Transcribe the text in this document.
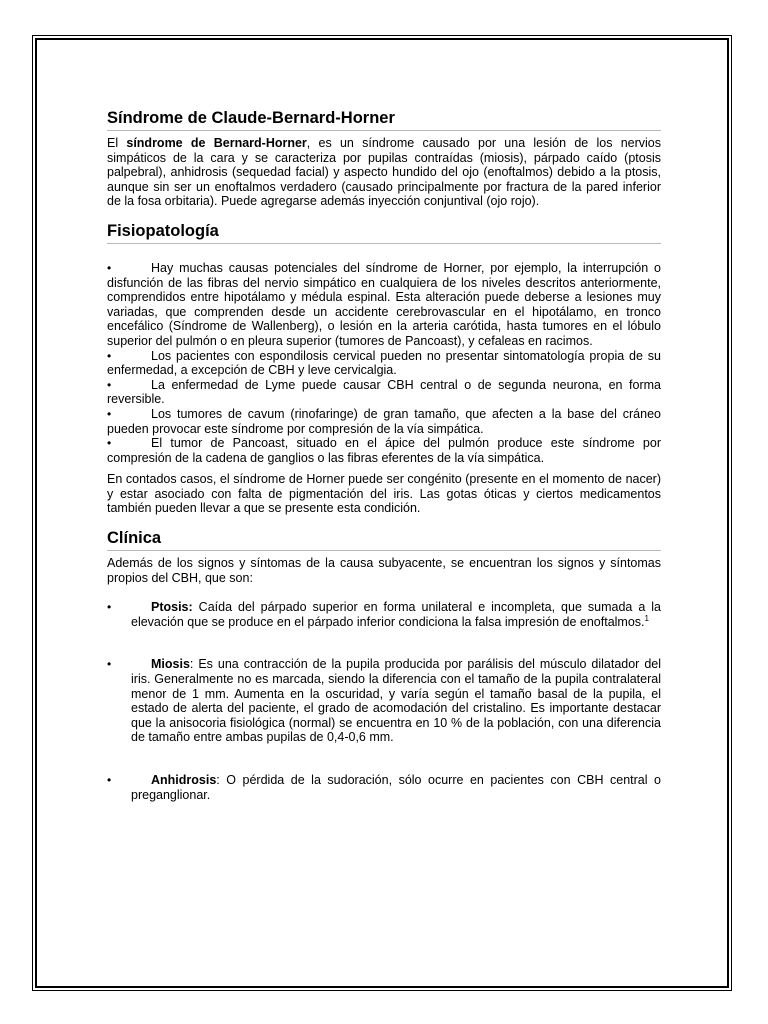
Síndrome de Claude-Bernard-Horner

El síndrome de Bernard-Horner, es un síndrome causado por una lesión de los nervios simpáticos de la cara y se caracteriza por pupilas contraídas (miosis), párpado caído (ptosis palpebral), anhidrosis (sequedad facial) y aspecto hundido del ojo (enoftalmos) debido a la ptosis, aunque sin ser un enoftalmos verdadero (causado principalmente por fractura de la pared inferior de la fosa orbitaria). Puede agregarse además inyección conjuntival (ojo rojo).

Fisiopatología
•	Hay muchas causas potenciales del síndrome de Horner, por ejemplo, la interrupción o disfunción de las fibras del nervio simpático en cualquiera de los niveles descritos anteriormente, comprendidos entre hipotálamo y médula espinal. Esta alteración puede deberse a lesiones muy variadas, que comprenden desde un accidente cerebrovascular en el hipotálamo, en tronco encefálico (Síndrome de Wallenberg), o lesión en la arteria carótida, hasta tumores en el lóbulo superior del pulmón o en pleura superior (tumores de Pancoast), y cefaleas en racimos.
•	Los pacientes con espondilosis cervical pueden no presentar sintomatología propia de su enfermedad, a excepción de CBH y leve cervicalgia.
•	La enfermedad de Lyme puede causar CBH central o de segunda neurona, en forma reversible.
•	Los tumores de cavum (rinofaringe) de gran tamaño, que afecten a la base del cráneo pueden provocar este síndrome por compresión de la vía simpática.
•	El tumor de Pancoast, situado en el ápice del pulmón produce este síndrome por compresión de la cadena de ganglios o las fibras eferentes de la vía simpática.

En contados casos, el síndrome de Horner puede ser congénito (presente en el momento de nacer) y estar asociado con falta de pigmentación del iris. Las gotas óticas y ciertos medicamentos también pueden llevar a que se presente esta condición.

Clínica

Además de los signos y síntomas de la causa subyacente, se encuentran los signos y síntomas propios del CBH, que son:

•	Ptosis: Caída del párpado superior en forma unilateral e incompleta, que sumada a la elevación que se produce en el párpado inferior condiciona la falsa impresión de enoftalmos.$^1$
•	Miosis: Es una contracción de la pupila producida por parálisis del músculo dilatador del iris. Generalmente no es marcada, siendo la diferencia con el tamaño de la pupila contralateral menor de 1 mm. Aumenta en la oscuridad, y varía según el tamaño basal de la pupila, el estado de alerta del paciente, el grado de acomodación del cristalino. Es importante destacar que la anisocoria fisiológica (normal) se encuentra en 10 % de la población, con una diferencia de tamaño entre ambas pupilas de 0,4-0,6 mm.
•	Anhidrosis: O pérdida de la sudoración, sólo ocurre en pacientes con CBH central o preganglionar.
